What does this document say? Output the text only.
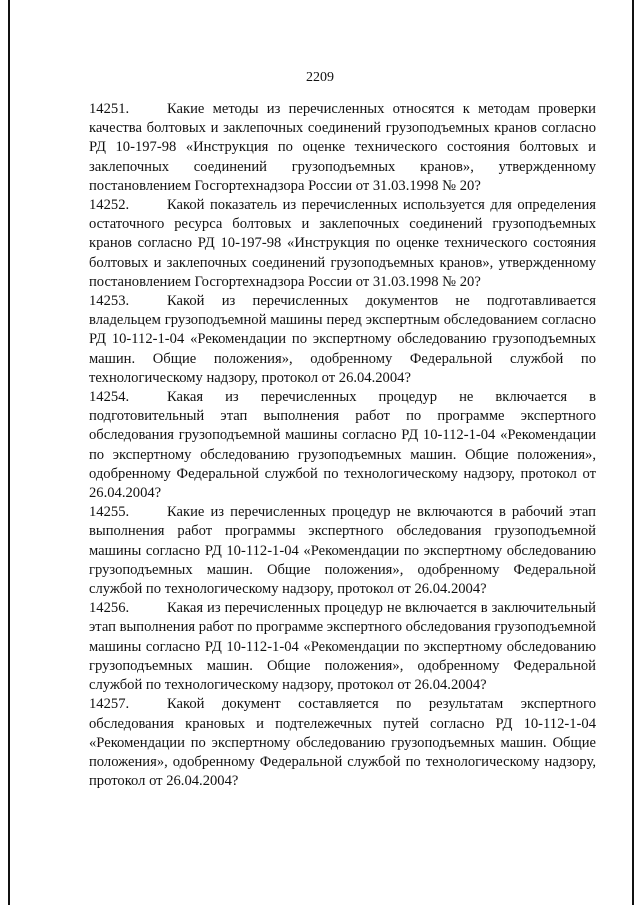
2209

14251.	Какие методы из перечисленных относятся к методам проверки качества болтовых и заклепочных соединений грузоподъемных кранов согласно РД 10-197-98 «Инструкция по оценке технического состояния болтовых и заклепочных соединений грузоподъемных кранов», утвержденному постановлением Госгортехнадзора России от 31.03.1998 № 20?

14252.	Какой показатель из перечисленных используется для определения остаточного ресурса болтовых и заклепочных соединений грузоподъемных кранов согласно РД 10-197-98 «Инструкция по оценке технического состояния болтовых и заклепочных соединений грузоподъемных кранов», утвержденному постановлением Госгортехнадзора России от 31.03.1998 № 20?

14253.	Какой из перечисленных документов не подготавливается владельцем грузоподъемной машины перед экспертным обследованием согласно РД 10-112-1-04 «Рекомендации по экспертному обследованию грузоподъемных машин. Общие положения», одобренному Федеральной службой по технологическому надзору, протокол от 26.04.2004?

14254.	Какая из перечисленных процедур не включается в подготовительный этап выполнения работ по программе экспертного обследования грузоподъемной машины согласно РД 10-112-1-04 «Рекомендации по экспертному обследованию грузоподъемных машин. Общие положения», одобренному Федеральной службой по технологическому надзору, протокол от 26.04.2004?

14255.	Какие из перечисленных процедур не включаются в рабочий этап выполнения работ программы экспертного обследования грузоподъемной машины согласно РД 10-112-1-04 «Рекомендации по экспертному обследованию грузоподъемных машин. Общие положения», одобренному Федеральной службой по технологическому надзору, протокол от 26.04.2004?

14256.	Какая из перечисленных процедур не включается в заключительный этап выполнения работ по программе экспертного обследования грузоподъемной машины согласно РД 10-112-1-04 «Рекомендации по экспертному обследованию грузоподъемных машин. Общие положения», одобренному Федеральной службой по технологическому надзору, протокол от 26.04.2004?

14257.	Какой документ составляется по результатам экспертного обследования крановых и подтележечных путей согласно РД 10-112-1-04 «Рекомендации по экспертному обследованию грузоподъемных машин. Общие положения», одобренному Федеральной службой по технологическому надзору, протокол от 26.04.2004?
